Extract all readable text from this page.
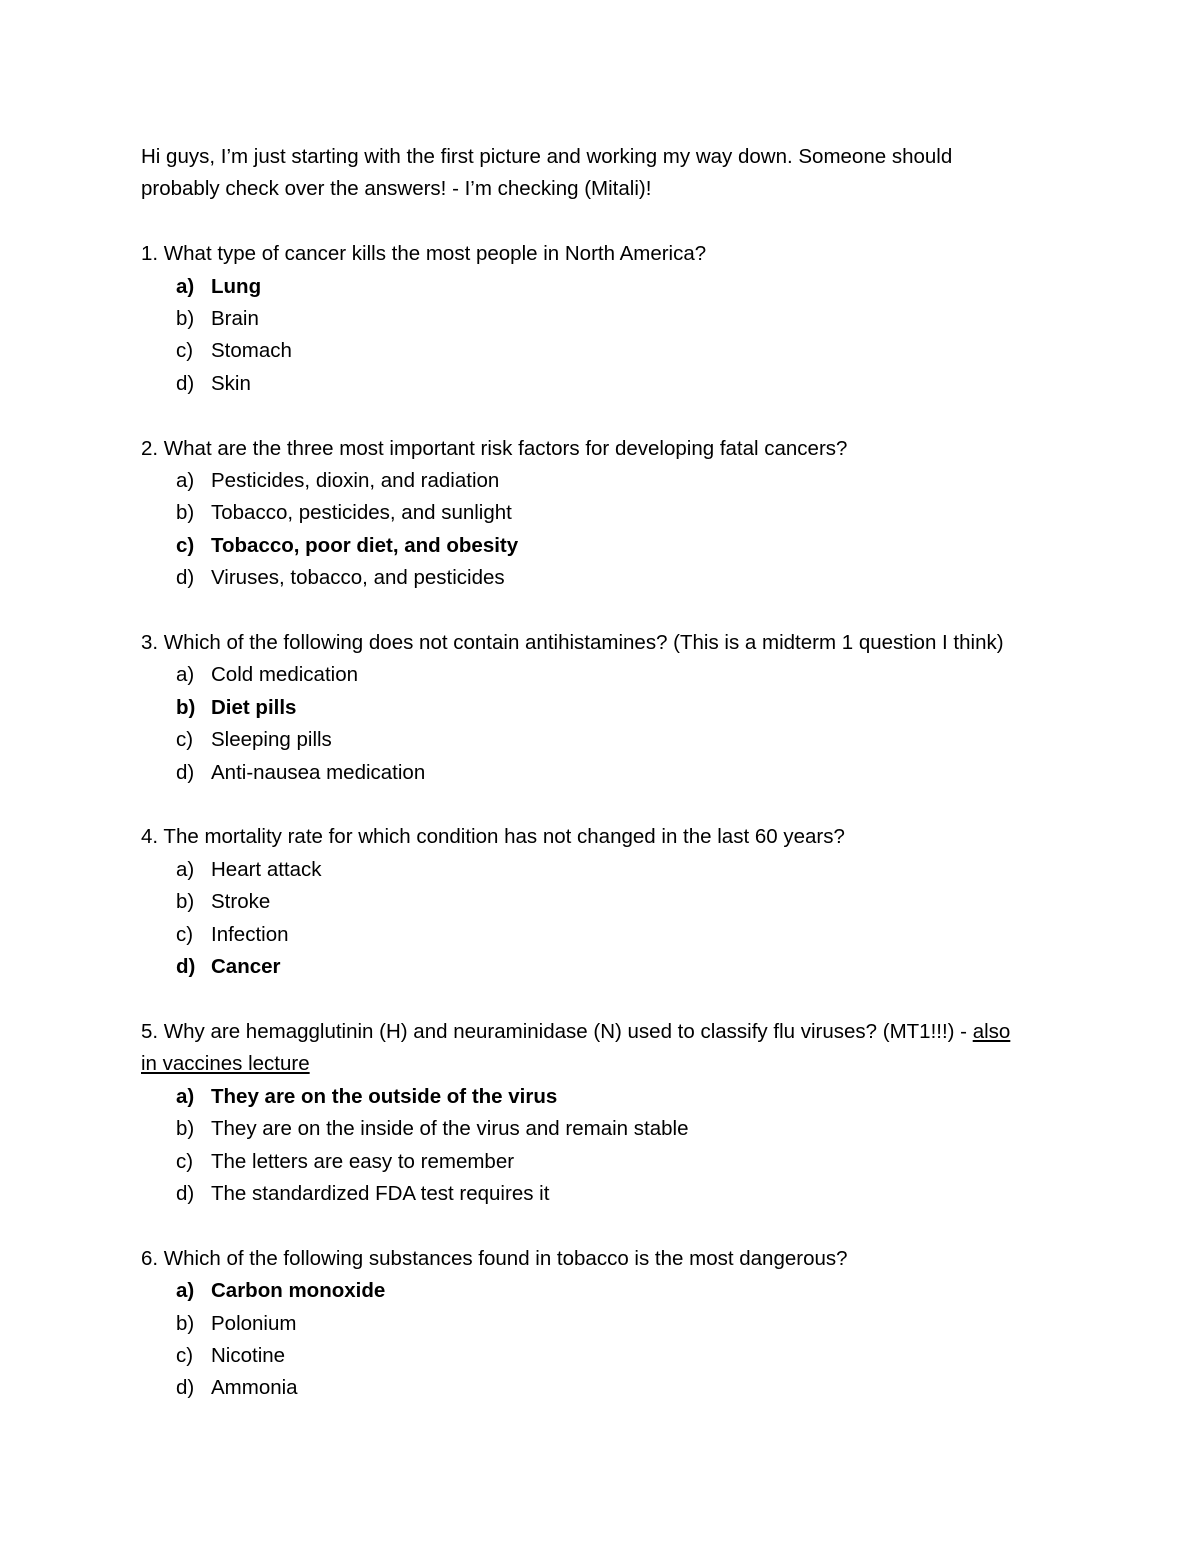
Hi guys, I’m just starting with the first picture and working my way down. Someone should
probably check over the answers! - I’m checking (Mitali)!
1. What type of cancer kills the most people in North America?
a) Lung
b) Brain
c) Stomach
d) Skin
2. What are the three most important risk factors for developing fatal cancers?
a) Pesticides, dioxin, and radiation
b) Tobacco, pesticides, and sunlight
c) Tobacco, poor diet, and obesity
d) Viruses, tobacco, and pesticides
3. Which of the following does not contain antihistamines? (This is a midterm 1 question I think)
a) Cold medication
b) Diet pills
c) Sleeping pills
d) Anti-nausea medication
4. The mortality rate for which condition has not changed in the last 60 years?
a) Heart attack
b) Stroke
c) Infection
d) Cancer
5. Why are hemagglutinin (H) and neuraminidase (N) used to classify flu viruses? (MT1!!!) - also
in vaccines lecture
a) They are on the outside of the virus
b) They are on the inside of the virus and remain stable
c) The letters are easy to remember
d) The standardized FDA test requires it
6. Which of the following substances found in tobacco is the most dangerous?
a) Carbon monoxide
b) Polonium
c) Nicotine
d) Ammonia
